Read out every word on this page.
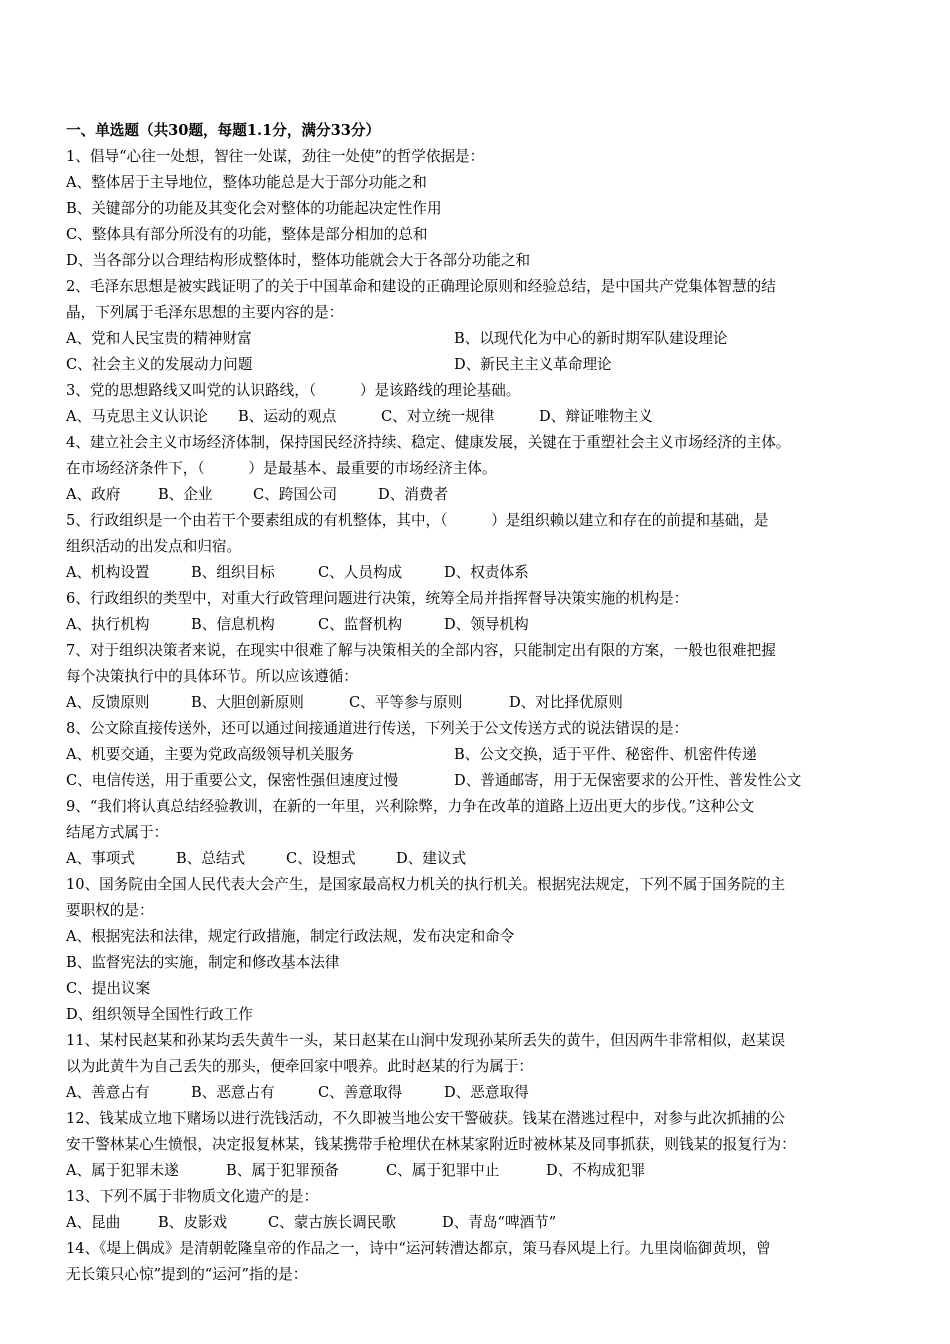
一、单选题（共30题，每题1.1分，满分33分）
1、倡导“心往一处想，智往一处谋，劲往一处使”的哲学依据是：
A、整体居于主导地位，整体功能总是大于部分功能之和
B、关键部分的功能及其变化会对整体的功能起决定性作用
C、整体具有部分所没有的功能，整体是部分相加的总和
D、当各部分以合理结构形成整体时，整体功能就会大于各部分功能之和
2、毛泽东思想是被实践证明了的关于中国革命和建设的正确理论原则和经验总结，是中国共产党集体智慧的结
晶，下列属于毛泽东思想的主要内容的是：
A、党和人民宝贵的精神财富	B、以现代化为中心的新时期军队建设理论
C、社会主义的发展动力问题	D、新民主主义革命理论
3、党的思想路线又叫党的认识路线，（　　　）是该路线的理论基础。
A、马克思主义认识论	B、运动的观点	C、对立统一规律	D、辩证唯物主义
4、建立社会主义市场经济体制，保持国民经济持续、稳定、健康发展，关键在于重塑社会主义市场经济的主体。
在市场经济条件下，（　　　）是最基本、最重要的市场经济主体。
A、政府	B、企业	C、跨国公司	D、消费者
5、行政组织是一个由若干个要素组成的有机整体，其中，（　　　）是组织赖以建立和存在的前提和基础，是
组织活动的出发点和归宿。
A、机构设置	B、组织目标	C、人员构成	D、权责体系
6、行政组织的类型中，对重大行政管理问题进行决策，统筹全局并指挥督导决策实施的机构是：
A、执行机构	B、信息机构	C、监督机构	D、领导机构
7、对于组织决策者来说，在现实中很难了解与决策相关的全部内容，只能制定出有限的方案，一般也很难把握
每个决策执行中的具体环节。所以应该遵循：
A、反馈原则	B、大胆创新原则	C、平等参与原则	D、对比择优原则
8、公文除直接传送外，还可以通过间接通道进行传送，下列关于公文传送方式的说法错误的是：
A、机要交通，主要为党政高级领导机关服务	B、公文交换，适于平件、秘密件、机密件传递
C、电信传送，用于重要公文，保密性强但速度过慢	D、普通邮寄，用于无保密要求的公开性、普发性公文
9、“我们将认真总结经验教训，在新的一年里，兴利除弊，力争在改革的道路上迈出更大的步伐。”这种公文
结尾方式属于：
A、事项式	B、总结式	C、设想式	D、建议式
10、国务院由全国人民代表大会产生，是国家最高权力机关的执行机关。根据宪法规定，下列不属于国务院的主
要职权的是：
A、根据宪法和法律，规定行政措施，制定行政法规，发布决定和命令
B、监督宪法的实施，制定和修改基本法律
C、提出议案
D、组织领导全国性行政工作
11、某村民赵某和孙某均丢失黄牛一头，某日赵某在山涧中发现孙某所丢失的黄牛，但因两牛非常相似，赵某误
以为此黄牛为自己丢失的那头，便牵回家中喂养。此时赵某的行为属于：
A、善意占有	B、恶意占有	C、善意取得	D、恶意取得
12、钱某成立地下赌场以进行洗钱活动，不久即被当地公安干警破获。钱某在潜逃过程中，对参与此次抓捕的公
安干警林某心生愤恨，决定报复林某，钱某携带手枪埋伏在林某家附近时被林某及同事抓获，则钱某的报复行为：
A、属于犯罪未遂	B、属于犯罪预备	C、属于犯罪中止	D、不构成犯罪
13、下列不属于非物质文化遗产的是：
A、昆曲	B、皮影戏	C、蒙古族长调民歌	D、青岛“啤酒节”
14、《堤上偶成》是清朝乾隆皇帝的作品之一，诗中“运河转漕达都京，策马春风堤上行。九里岗临御黄坝，曾
无长策只心惊”提到的“运河”指的是：
